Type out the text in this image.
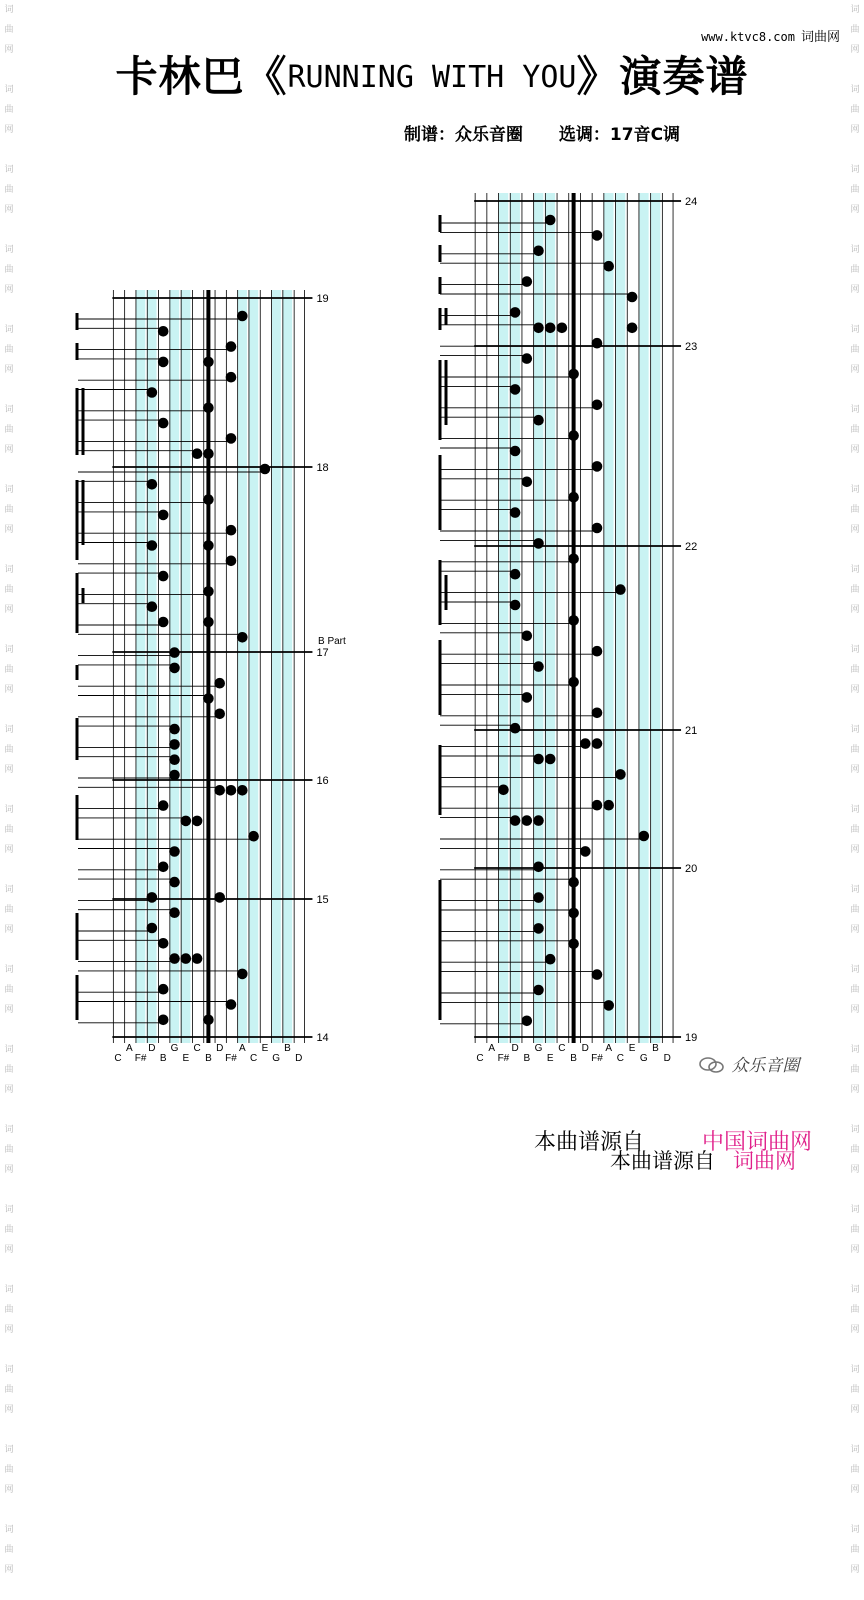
词
曲
网

词
曲
网

词
曲
网

词
曲
网

词
曲
网

词
曲
网

词
曲
网

词
曲
网

词
曲
网

词
曲
网

词
曲
网

词
曲
网

词
曲
网

词
曲
网

词
曲
网

词
曲
网

词
曲
网

词
曲
网

词
曲
网

词
曲
网

词
曲
网

词
曲
网

词
曲
网

词
曲
网

词
曲
网

词
曲
网

词
曲
网

词
曲
网

词
曲
网

词
曲
网

词
曲
网

词
曲
网

词
曲
网

词
曲
网

词
曲
网

词
曲
网

词
曲
网

词
曲
网

词
曲
网

词
曲
网

www.ktvc8.com 词曲网
卡林巴《RUNNING WITH YOU》演奏谱
制谱：众乐音圈 选调：17音C调
19
18
17
16
15
14
C
A
F#
D
B
G
E
C
B
D
F#
A
C
E
G
B
D
B Part
24
23
22
21
20
19
C
A
F#
D
B
G
E
C
B
D
F#
A
C
E
G
B
D	众乐音圈
本曲谱源自	中国词曲网
本曲谱源自 词曲网
